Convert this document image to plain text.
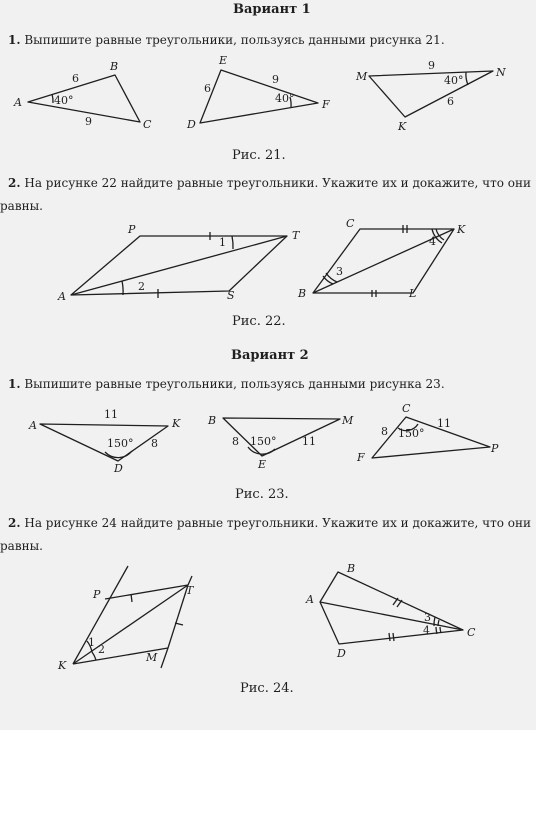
Вариант 1

1. Выпишите равные треугольники, пользуясь данными рисунка 21.

Рис. 21.

2. На рисунке 22 найдите равные треугольники. Укажите их и докажите, что они

равны.

Рис. 22.

Вариант 2

1. Выпишите равные треугольники, пользуясь данными рисунка 23.

Рис. 23.

2. На рисунке 24 найдите равные треугольники. Укажите их и докажите, что они

равны.

Рис. 24.

A
B
C
6
9
40°
E
D
F
6
9
40°
M	N
K
9
6
40°
P	T
A	S
1
2
C	K
B	L
3
4
A	K
D
11
8
150°
B	M
E
8	11
150°
C
P
F
8
11
150°
P	T
K
M
1
2
B
A
C
D
3
4
